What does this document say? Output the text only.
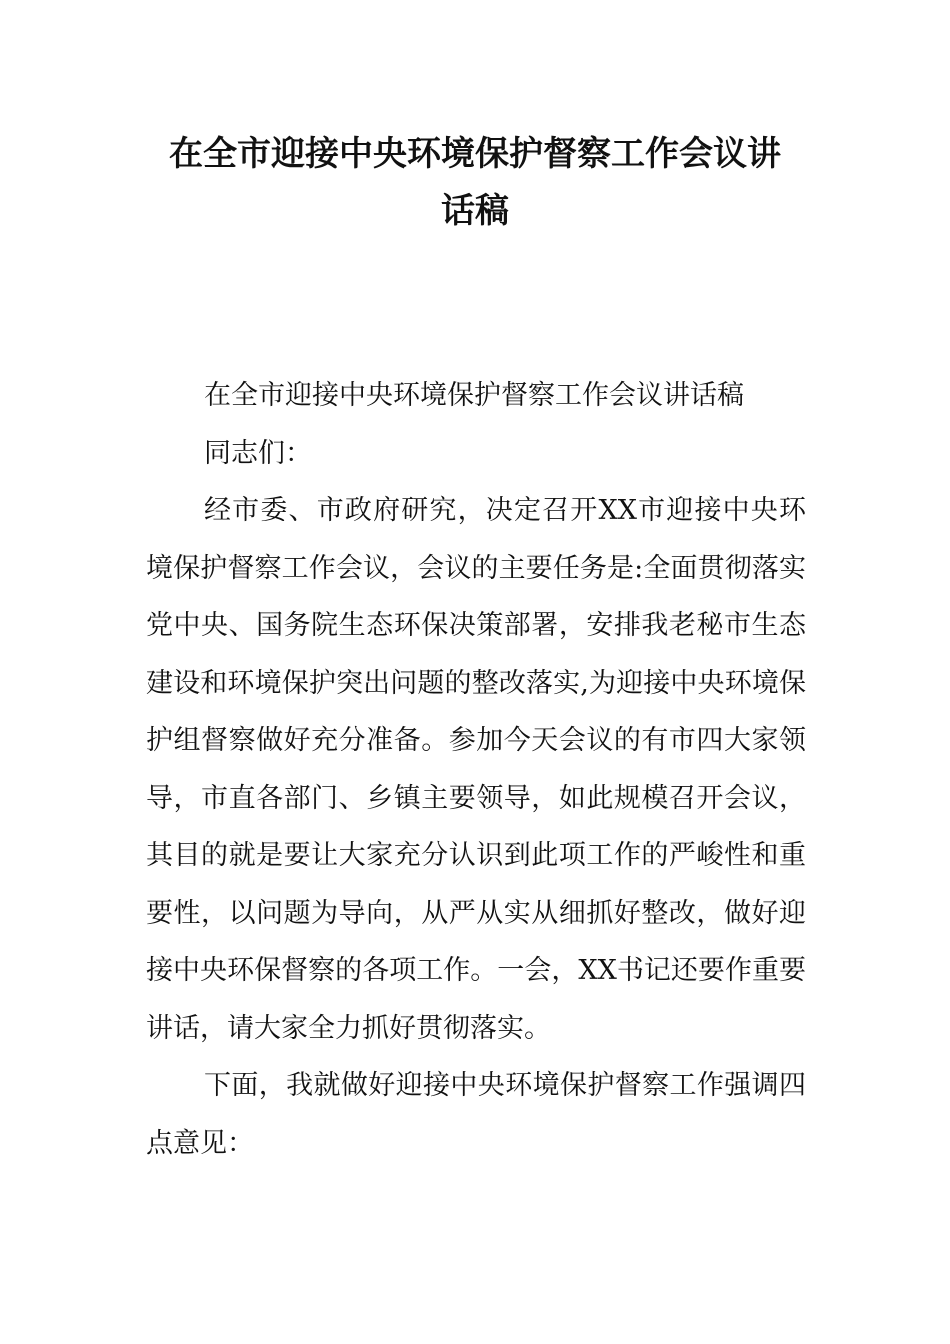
在全市迎接中央环境保护督察工作会议讲
话稿

在全市迎接中央环境保护督察工作会议讲话稿

同志们：

经市委、市政府研究，决定召开XX市迎接中央环境保护督察工作会议，会议的主要任务是:全面贯彻落实党中央、国务院生态环保决策部署，安排我老秘市生态建设和环境保护突出问题的整改落实,为迎接中央环境保护组督察做好充分准备。参加今天会议的有市四大家领导，市直各部门、乡镇主要领导，如此规模召开会议，其目的就是要让大家充分认识到此项工作的严峻性和重要性，以问题为导向，从严从实从细抓好整改，做好迎接中央环保督察的各项工作。一会，XX书记还要作重要讲话，请大家全力抓好贯彻落实。

下面，我就做好迎接中央环境保护督察工作强调四点意见：
